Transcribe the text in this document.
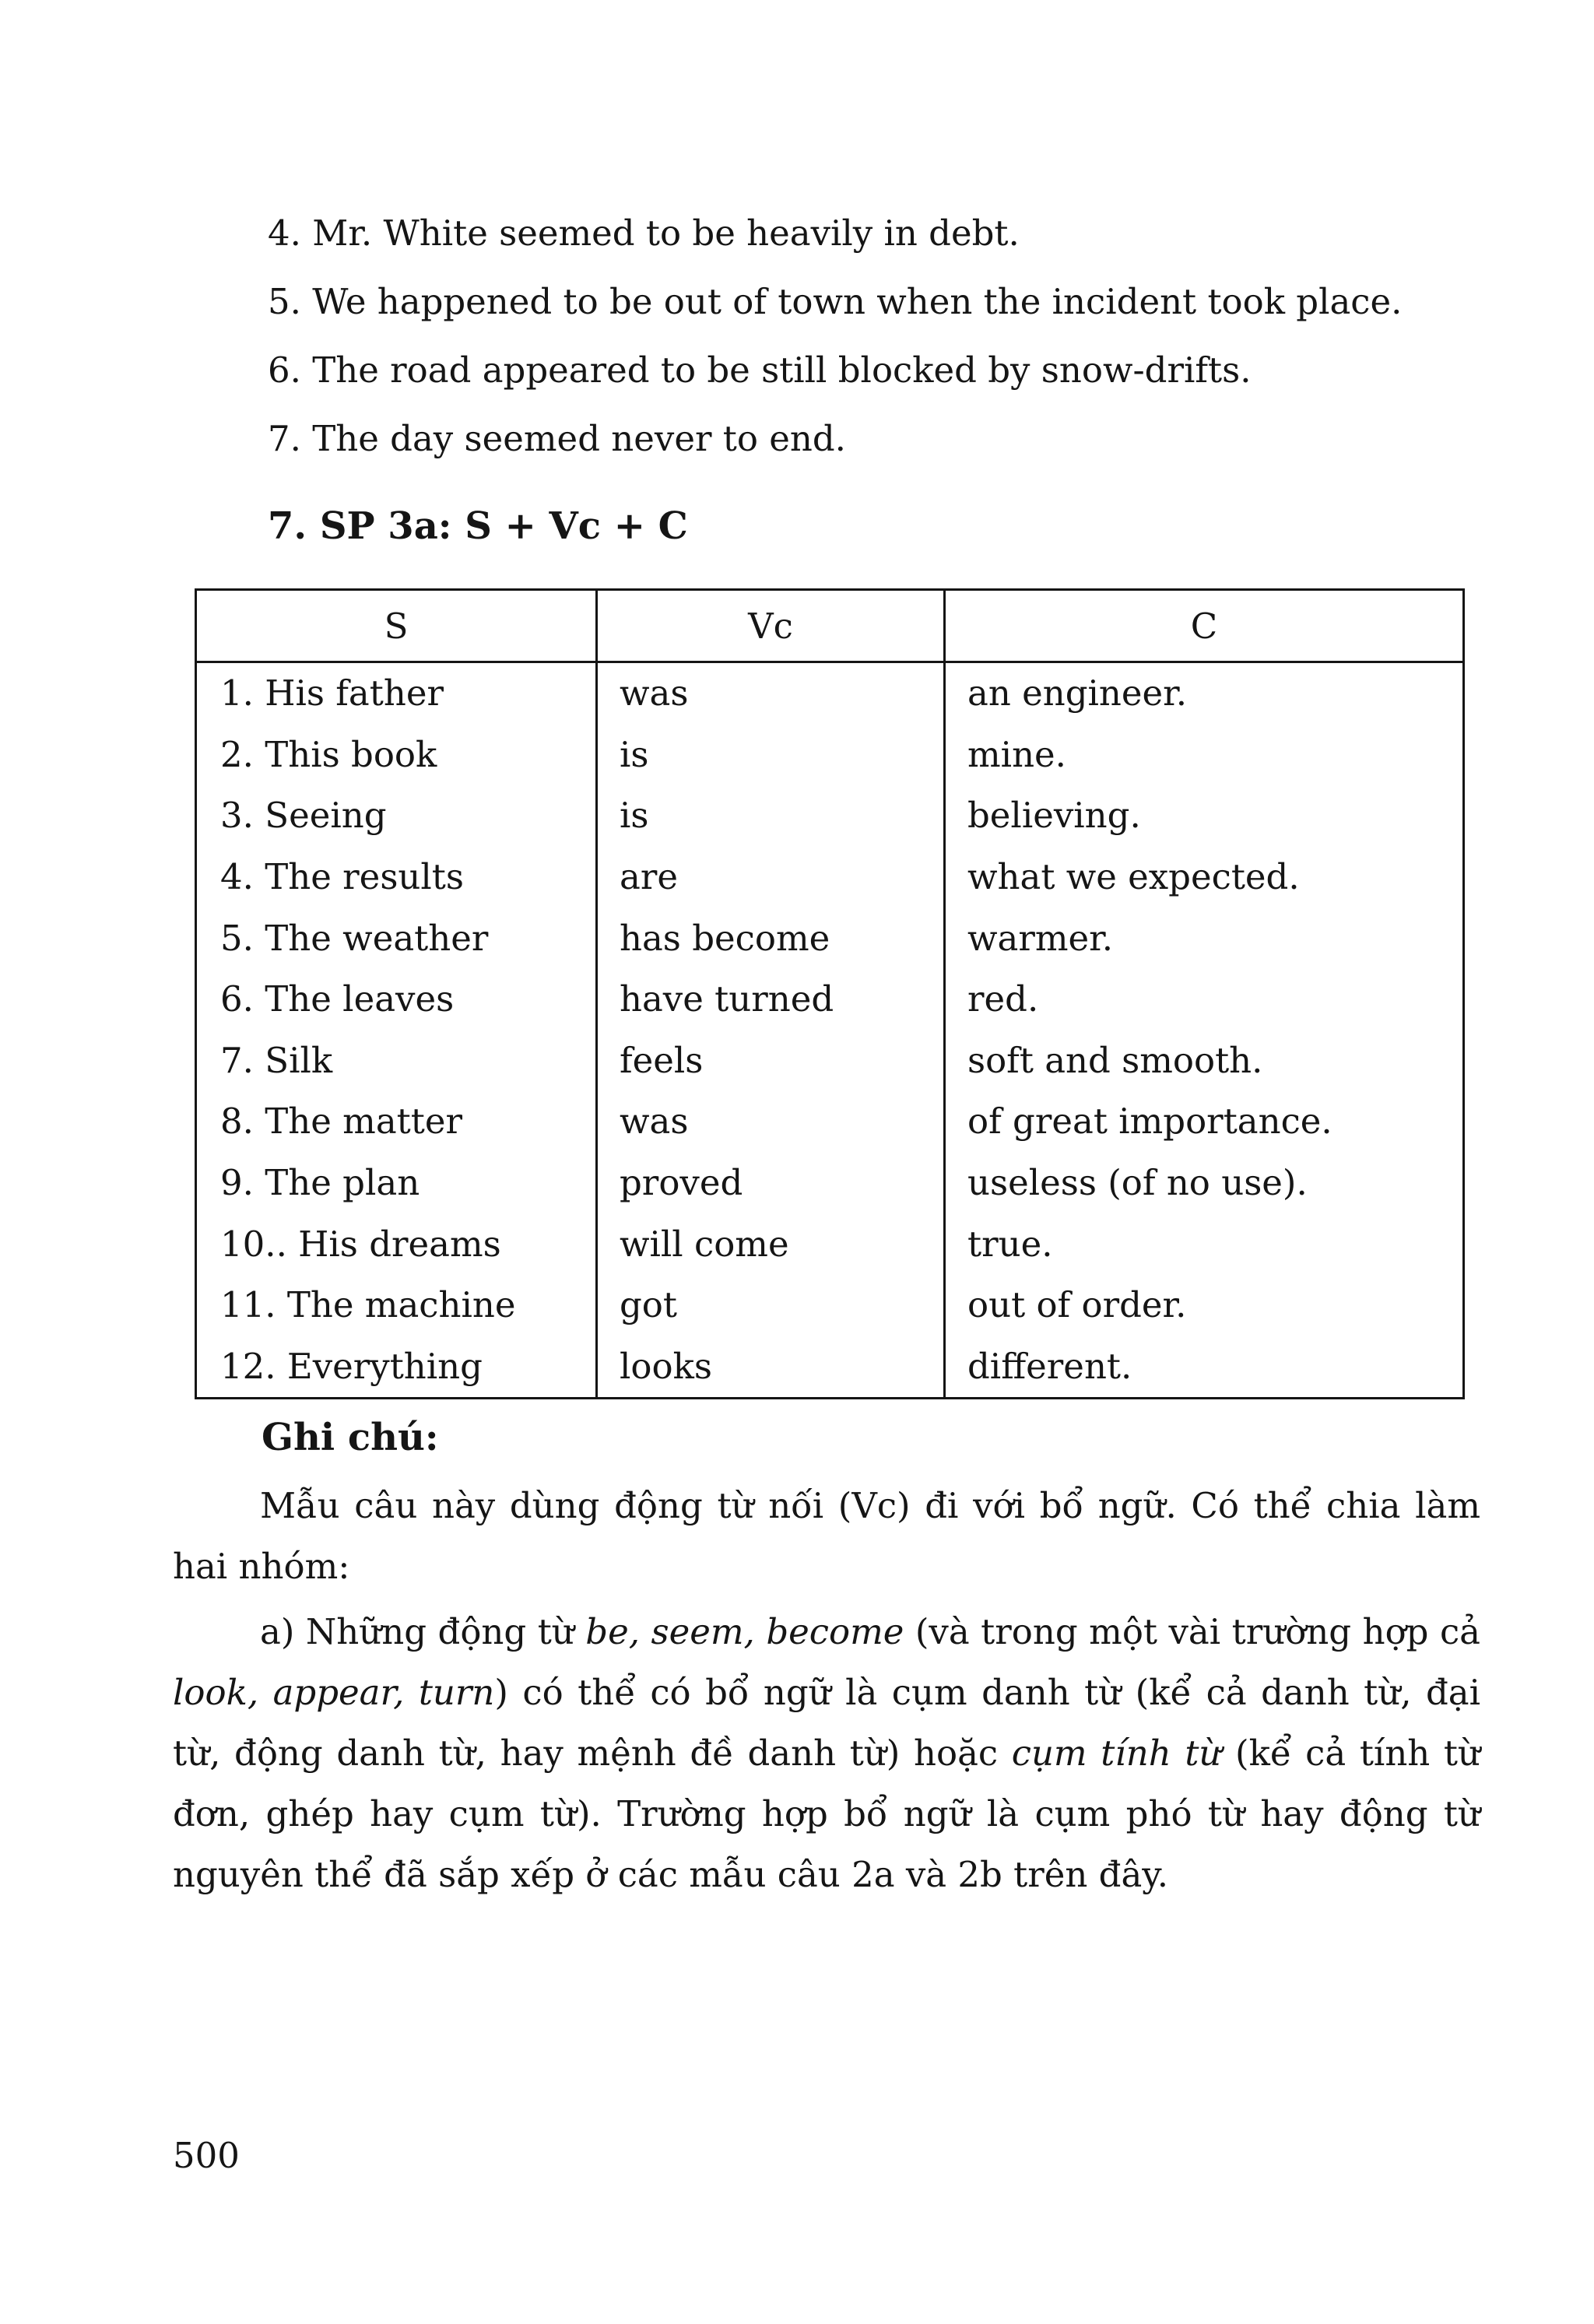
4. Mr. White seemed to be heavily in debt.
5. We happened to be out of town when the incident took place.
6. The road appeared to be still blocked by snow-drifts.
7. The day seemed never to end.
7. SP 3a: S + Vc + C
S	Vc	C
1. His father	was	an engineer.
2. This book	is	mine.
3. Seeing	is	believing.
4. The results	are	what we expected.
5. The weather	has become	warmer.
6. The leaves	have turned	red.
7. Silk	feels	soft and smooth.
8. The matter	was	of great importance.
9. The plan	proved	useless (of no use).
10.. His dreams	will come	true.
11. The machine	got	out of order.
12. Everything	looks	different.
Ghi chú:

Mẫu câu này dùng động từ nối (Vc) đi với bổ ngữ. Có thể chia làm hai nhóm:

a) Những động từ be, seem, become (và trong một vài trường hợp cả look, appear, turn) có thể có bổ ngữ là cụm danh từ (kể cả danh từ, đại từ, động danh từ, hay mệnh đề danh từ) hoặc cụm tính từ (kể cả tính từ đơn, ghép hay cụm từ). Trường hợp bổ ngữ là cụm phó từ hay động từ nguyên thể đã sắp xếp ở các mẫu câu 2a và 2b trên đây.

500
